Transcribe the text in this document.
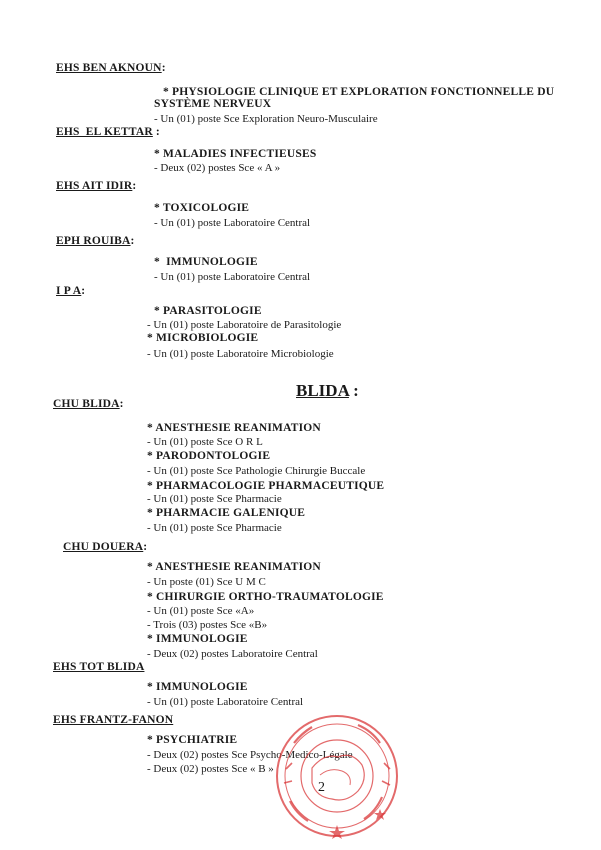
EHS BEN AKNOUN:
* PHYSIOLOGIE CLINIQUE ET EXPLORATION FONCTIONNELLE DU
SYSTÈME NERVEUX
- Un (01) poste Sce Exploration Neuro-Musculaire
EHS  EL KETTAR :
* MALADIES INFECTIEUSES
- Deux (02) postes Sce « A »
EHS AIT IDIR:
* TOXICOLOGIE
- Un (01) poste Laboratoire Central
EPH ROUIBA:
*  IMMUNOLOGIE
- Un (01) poste Laboratoire Central
I P A:
* PARASITOLOGIE
- Un (01) poste Laboratoire de Parasitologie
* MICROBIOLOGIE
- Un (01) poste Laboratoire Microbiologie
BLIDA :
CHU BLIDA:
* ANESTHESIE REANIMATION
- Un (01) poste Sce O R L
* PARODONTOLOGIE
- Un (01) poste Sce Pathologie Chirurgie Buccale
* PHARMACOLOGIE PHARMACEUTIQUE
- Un (01) poste Sce Pharmacie
* PHARMACIE GALENIQUE
- Un (01) poste Sce Pharmacie
CHU DOUERA:
* ANESTHESIE REANIMATION
- Un poste (01) Sce U M C
* CHIRURGIE ORTHO-TRAUMATOLOGIE
- Un (01) poste Sce «A»
- Trois (03) postes Sce «B»
* IMMUNOLOGIE
- Deux (02) postes Laboratoire Central
EHS TOT BLIDA
* IMMUNOLOGIE
- Un (01) poste Laboratoire Central
EHS FRANTZ-FANON
* PSYCHIATRIE
- Deux (02) postes Sce Psycho-Medico-Légale
- Deux (02) postes Sce « B »
2
